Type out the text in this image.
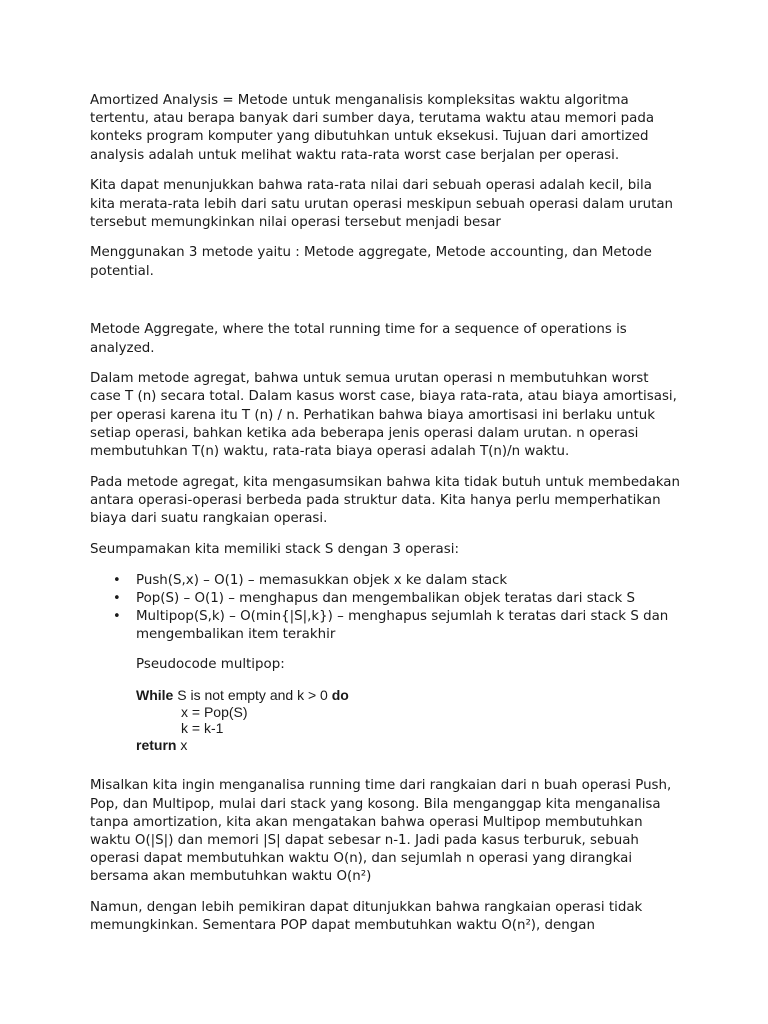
Amortized Analysis = Metode untuk menganalisis kompleksitas waktu algoritma tertentu, atau berapa banyak dari sumber daya, terutama waktu atau memori pada konteks program komputer yang dibutuhkan untuk eksekusi. Tujuan dari amortized analysis adalah untuk melihat waktu rata-rata worst case berjalan per operasi.

Kita dapat menunjukkan bahwa rata-rata nilai dari sebuah operasi adalah kecil, bila kita merata-rata lebih dari satu urutan operasi meskipun sebuah operasi dalam urutan tersebut memungkinkan nilai operasi tersebut menjadi besar

Menggunakan 3 metode yaitu : Metode aggregate, Metode accounting, dan Metode potential.

Metode Aggregate, where the total running time for a sequence of operations is analyzed.

Dalam metode agregat, bahwa untuk semua urutan operasi n membutuhkan worst case T (n) secara total. Dalam kasus worst case, biaya rata-rata, atau biaya amortisasi, per operasi karena itu T (n) / n. Perhatikan bahwa biaya amortisasi ini berlaku untuk setiap operasi, bahkan ketika ada beberapa jenis operasi dalam urutan. n operasi membutuhkan T(n) waktu, rata-rata biaya operasi adalah T(n)/n waktu.

Pada metode agregat, kita mengasumsikan bahwa kita tidak butuh untuk membedakan antara operasi-operasi berbeda pada struktur data. Kita hanya perlu memperhatikan biaya dari suatu rangkaian operasi.

Seumpamakan kita memiliki stack S dengan 3 operasi:

• Push(S,x) – O(1) – memasukkan objek x ke dalam stack
• Pop(S) – O(1) – menghapus dan mengembalikan objek teratas dari stack S
• Multipop(S,k) – O(min{|S|,k}) – menghapus sejumlah k teratas dari stack S dan mengembalikan item terakhir

Pseudocode multipop:

While S is not empty and k > 0 do
x = Pop(S)
k = k-1
return x

Misalkan kita ingin menganalisa running time dari rangkaian dari n buah operasi Push, Pop, dan Multipop, mulai dari stack yang kosong. Bila menganggap kita menganalisa tanpa amortization, kita akan mengatakan bahwa operasi Multipop membutuhkan waktu O(|S|) dan memori |S| dapat sebesar n-1. Jadi pada kasus terburuk, sebuah operasi dapat membutuhkan waktu O(n), dan sejumlah n operasi yang dirangkai bersama akan membutuhkan waktu O(n²)

Namun, dengan lebih pemikiran dapat ditunjukkan bahwa rangkaian operasi tidak memungkinkan. Sementara POP dapat membutuhkan waktu O(n²), dengan
